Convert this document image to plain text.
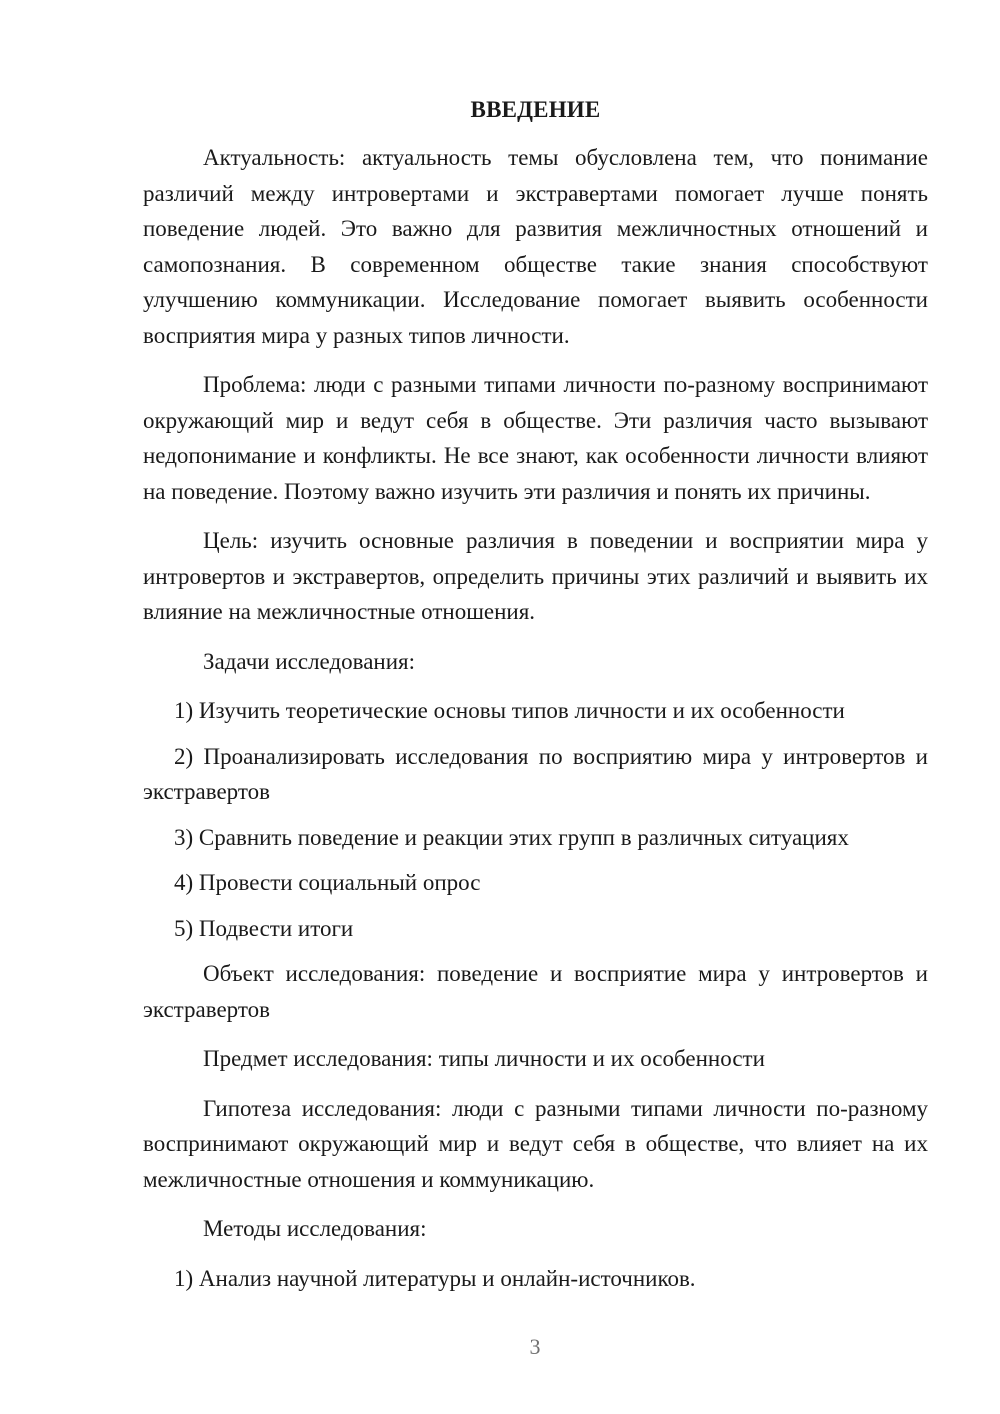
ВВЕДЕНИЕ

Актуальность: актуальность темы обусловлена тем, что понимание различий между интровертами и экстравертами помогает лучше понять поведение людей. Это важно для развития межличностных отношений и самопознания. В современном обществе такие знания способствуют улучшению коммуникации. Исследование помогает выявить особенности восприятия мира у разных типов личности.

Проблема: люди с разными типами личности по-разному воспринимают окружающий мир и ведут себя в обществе. Эти различия часто вызывают недопонимание и конфликты. Не все знают, как особенности личности влияют на поведение. Поэтому важно изучить эти различия и понять их причины.

Цель: изучить основные различия в поведении и восприятии мира у интровертов и экстравертов, определить причины этих различий и выявить их влияние на межличностные отношения.

Задачи исследования:

1) Изучить теоретические основы типов личности и их особенности

2) Проанализировать исследования по восприятию мира у интровертов и экстравертов

3) Сравнить поведение и реакции этих групп в различных ситуациях

4) Провести социальный опрос

5) Подвести итоги

Объект исследования: поведение и восприятие мира у интровертов и экстравертов

Предмет исследования: типы личности и их особенности

Гипотеза исследования: люди с разными типами личности по-разному воспринимают окружающий мир и ведут себя в обществе, что влияет на их межличностные отношения и коммуникацию.

Методы исследования:

1) Анализ научной литературы и онлайн-источников.

3
